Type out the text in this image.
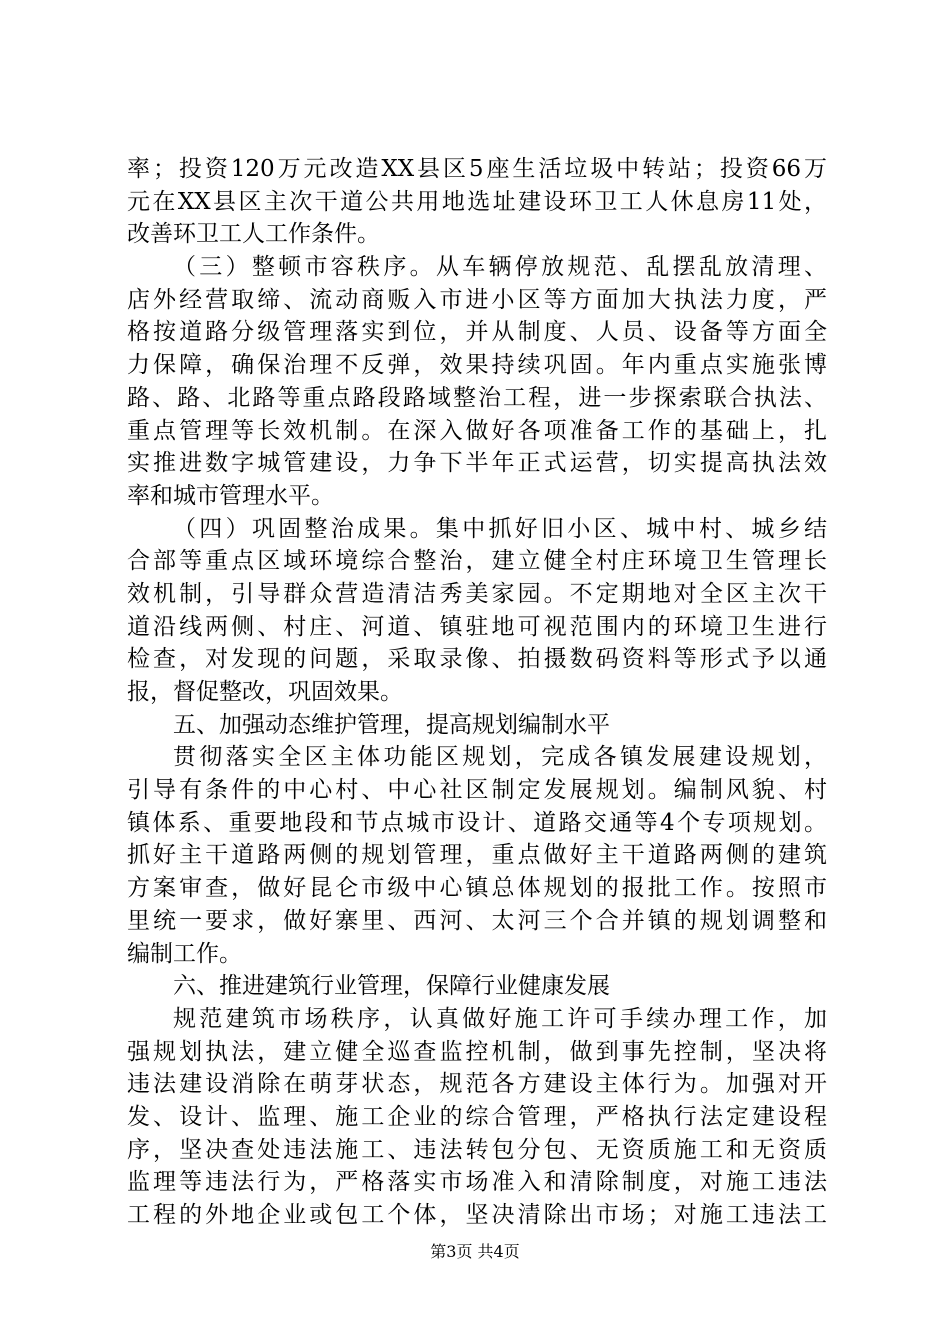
率；投资120万元改造XX县区5座生活垃圾中转站；投资66万
元在XX县区主次干道公共用地选址建设环卫工人休息房11处，
改善环卫工人工作条件。
（三）整顿市容秩序。从车辆停放规范、乱摆乱放清理、
店外经营取缔、流动商贩入市进小区等方面加大执法力度，严
格按道路分级管理落实到位，并从制度、人员、设备等方面全
力保障，确保治理不反弹，效果持续巩固。年内重点实施张博
路、路、北路等重点路段路域整治工程，进一步探索联合执法、
重点管理等长效机制。在深入做好各项准备工作的基础上，扎
实推进数字城管建设，力争下半年正式运营，切实提高执法效
率和城市管理水平。
（四）巩固整治成果。集中抓好旧小区、城中村、城乡结
合部等重点区域环境综合整治，建立健全村庄环境卫生管理长
效机制，引导群众营造清洁秀美家园。不定期地对全区主次干
道沿线两侧、村庄、河道、镇驻地可视范围内的环境卫生进行
检查，对发现的问题，采取录像、拍摄数码资料等形式予以通
报，督促整改，巩固效果。
五、加强动态维护管理，提高规划编制水平
贯彻落实全区主体功能区规划，完成各镇发展建设规划，
引导有条件的中心村、中心社区制定发展规划。编制风貌、村
镇体系、重要地段和节点城市设计、道路交通等4个专项规划。
抓好主干道路两侧的规划管理，重点做好主干道路两侧的建筑
方案审查，做好昆仑市级中心镇总体规划的报批工作。按照市
里统一要求，做好寨里、西河、太河三个合并镇的规划调整和
编制工作。
六、推进建筑行业管理，保障行业健康发展
规范建筑市场秩序，认真做好施工许可手续办理工作，加
强规划执法，建立健全巡查监控机制，做到事先控制，坚决将
违法建设消除在萌芽状态，规范各方建设主体行为。加强对开
发、设计、监理、施工企业的综合管理，严格执行法定建设程
序，坚决查处违法施工、违法转包分包、无资质施工和无资质
监理等违法行为，严格落实市场准入和清除制度，对施工违法
工程的外地企业或包工个体，坚决清除出市场；对施工违法工
第3页 共4页
